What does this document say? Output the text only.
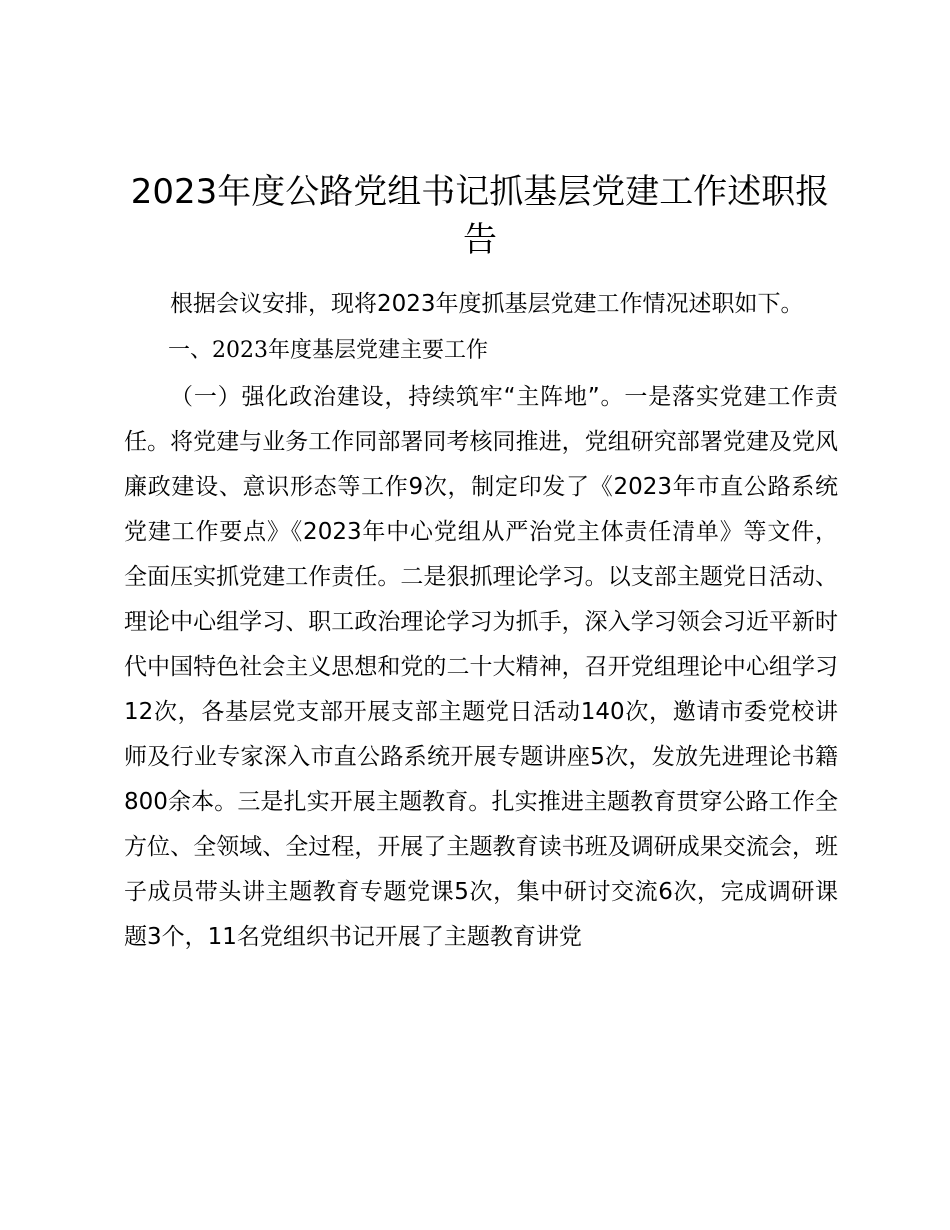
2023年度公路党组书记抓基层党建工作述职报告

根据会议安排，现将2023年度抓基层党建工作情况述职如下。

一、2023年度基层党建主要工作

（一）强化政治建设，持续筑牢“主阵地”。一是落实党建工作责任。将党建与业务工作同部署同考核同推进，党组研究部署党建及党风廉政建设、意识形态等工作9次，制定印发了《2023年市直公路系统党建工作要点》《2023年中心党组从严治党主体责任清单》等文件，全面压实抓党建工作责任。二是狠抓理论学习。以支部主题党日活动、理论中心组学习、职工政治理论学习为抓手，深入学习领会习近平新时代中国特色社会主义思想和党的二十大精神，召开党组理论中心组学习12次，各基层党支部开展支部主题党日活动140次，邀请市委党校讲师及行业专家深入市直公路系统开展专题讲座5次，发放先进理论书籍800余本。三是扎实开展主题教育。扎实推进主题教育贯穿公路工作全方位、全领域、全过程，开展了主题教育读书班及调研成果交流会，班子成员带头讲主题教育专题党课5次，集中研讨交流6次，完成调研课题3个，11名党组织书记开展了主题教育讲党
